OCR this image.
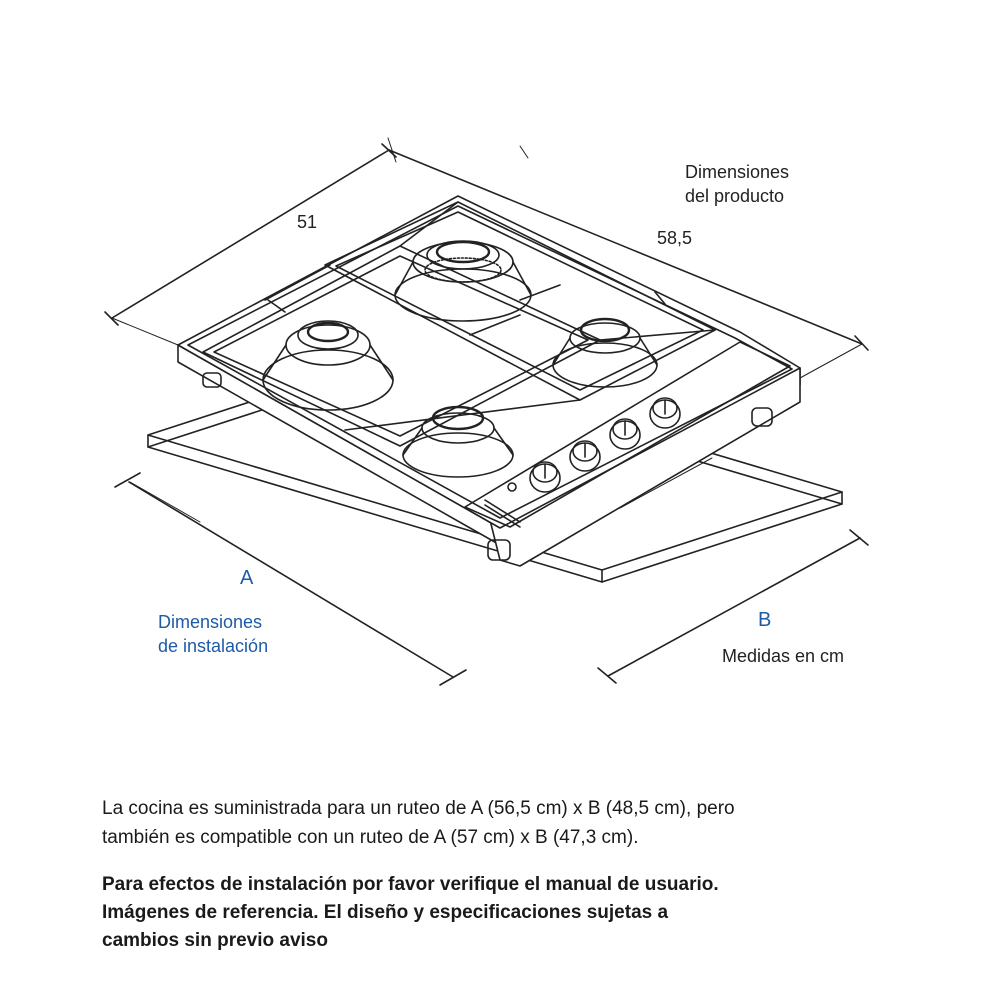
Dimensiones
del producto
51
58,5
A
Dimensiones
de instalación
B
Medidas en cm
La cocina es suministrada para un ruteo de A (56,5 cm) x B (48,5 cm), pero
también es compatible con un ruteo de A (57 cm) x B (47,3 cm).
Para efectos de instalación por favor verifique el manual de usuario.
Imágenes de referencia. El diseño y especificaciones sujetas a
cambios sin previo aviso
